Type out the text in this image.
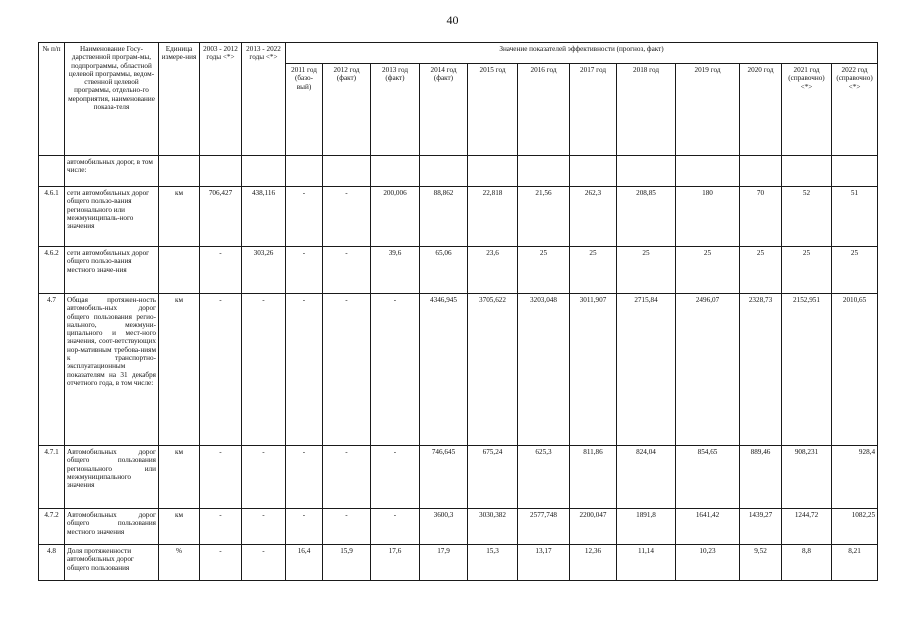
40
№ п/п	Наименование Госу-дарственной програм-мы, подпрограммы, областной целевой программы, ведом-ственной целевой программы, отдельно-го мероприятия, наименование показа-теля	Единица измере-ния	2003 - 2012 годы <*>	2013 - 2022 годы <*>	Значение показателей эффективности (прогноз, факт)											
					2011 год (базо-вый)	2012 год (факт)	2013 год (факт)	2014 год (факт)	2015 год	2016 год	2017 год	2018 год	2019 год	2020 год	2021 год (справочно) <*>	2022 год (справочно) <*>
	автомобильных дорог, в том числе:															
4.6.1	сети автомобильных дорог общего пользо-вания регионального или межмуниципаль-ного значения	км	706,427	438,116	-	-	200,006	88,862	22,818	21,56	262,3	208,85	180	70	52	51
4.6.2	сети автомобильных дорог общего пользо-вания местного значе-ния		-	303,26	-	-	39,6	65,06	23,6	25	25	25	25	25	25	25
4.7	Общая протяжен-ность автомобиль-ных дорог общего пользования регио-нального, межмуни-ципального и мест-ного значения, соот-ветствующих нор-мативным требова-ниям к транспортно-эксплуатационным показателям на 31 декабря отчетного года, в том числе:	км	-	-	-	-	-	4346,945	3705,622	3203,048	3011,907	2715,84	2496,07	2328,73	2152,951	2010,65
4.7.1	Автомобильных дорог общего пользования регионального или межмуниципального значения	км	-	-	-	-	-	746,645	675,24	625,3	811,86	824,04	854,65	889,46	908,231	928,4
4.7.2	Автомобильных дорог общего пользования местного значения	км	-	-	-	-	-	3600,3	3030,382	2577,748	2200,047	1891,8	1641,42	1439,27	1244,72	1082,25
4.8	Доля протяженности автомобильных дорог общего пользования	%	-	-	16,4	15,9	17,6	17,9	15,3	13,17	12,36	11,14	10,23	9,52	8,8	8,21
